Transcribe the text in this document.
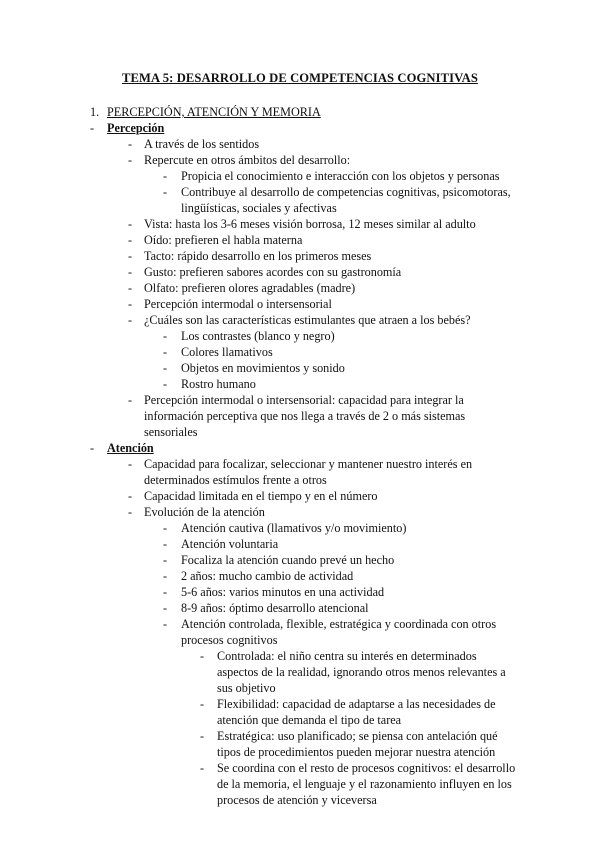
TEMA 5: DESARROLLO DE COMPETENCIAS COGNITIVAS
1. PERCEPCIÓN, ATENCIÓN Y MEMORIA
- Percepción
- A través de los sentidos
- Repercute en otros ámbitos del desarrollo:
- Propicia el conocimiento e interacción con los objetos y personas
- Contribuye al desarrollo de competencias cognitivas, psicomotoras, lingüísticas, sociales y afectivas
- Vista: hasta los 3-6 meses visión borrosa, 12 meses similar al adulto
- Oído: prefieren el habla materna
- Tacto: rápido desarrollo en los primeros meses
- Gusto: prefieren sabores acordes con su gastronomía
- Olfato: prefieren olores agradables (madre)
- Percepción intermodal o intersensorial
- ¿Cuáles son las características estimulantes que atraen a los bebés?
- Los contrastes (blanco y negro)
- Colores llamativos
- Objetos en movimientos y sonido
- Rostro humano
- Percepción intermodal o intersensorial: capacidad para integrar la información perceptiva que nos llega a través de 2 o más sistemas sensoriales
- Atención
- Capacidad para focalizar, seleccionar y mantener nuestro interés en determinados estímulos frente a otros
- Capacidad limitada en el tiempo y en el número
- Evolución de la atención
- Atención cautiva (llamativos y/o movimiento)
- Atención voluntaria
- Focaliza la atención cuando prevé un hecho
- 2 años: mucho cambio de actividad
- 5-6 años: varios minutos en una actividad
- 8-9 años: óptimo desarrollo atencional
- Atención controlada, flexible, estratégica y coordinada con otros procesos cognitivos
- Controlada: el niño centra su interés en determinados aspectos de la realidad, ignorando otros menos relevantes a sus objetivo
- Flexibilidad: capacidad de adaptarse a las necesidades de atención que demanda el tipo de tarea
- Estratégica: uso planificado; se piensa con antelación qué tipos de procedimientos pueden mejorar nuestra atención
- Se coordina con el resto de procesos cognitivos: el desarrollo de la memoria, el lenguaje y el razonamiento influyen en los procesos de atención y viceversa
